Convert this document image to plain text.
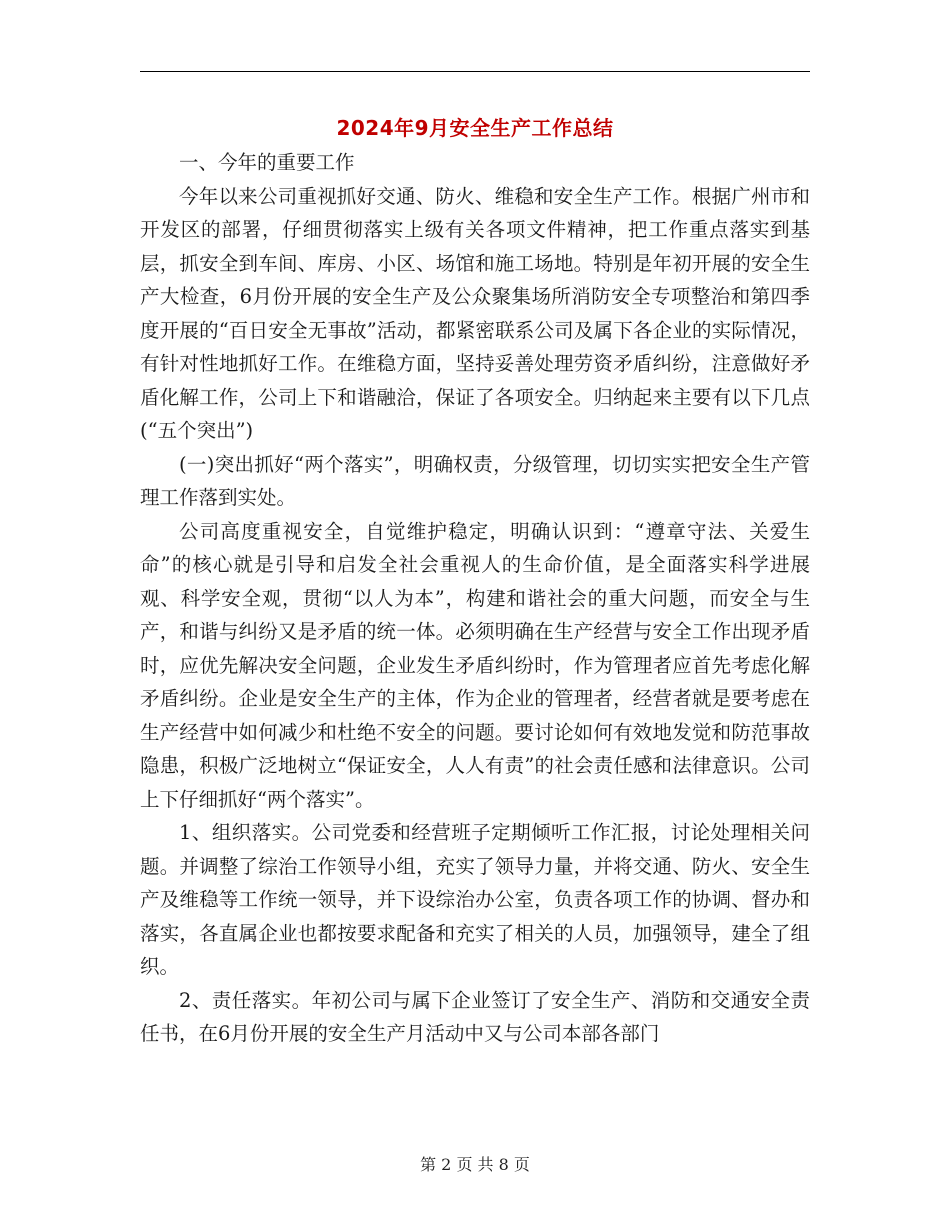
2024年9月安全生产工作总结

一、今年的重要工作

今年以来公司重视抓好交通、防火、维稳和安全生产工作。根据广州市和开发区的部署，仔细贯彻落实上级有关各项文件精神，把工作重点落实到基层，抓安全到车间、库房、小区、场馆和施工场地。特别是年初开展的安全生产大检查，6月份开展的安全生产及公众聚集场所消防安全专项整治和第四季度开展的“百日安全无事故”活动，都紧密联系公司及属下各企业的实际情况，有针对性地抓好工作。在维稳方面，坚持妥善处理劳资矛盾纠纷，注意做好矛盾化解工作，公司上下和谐融洽，保证了各项安全。归纳起来主要有以下几点(“五个突出”)

(一)突出抓好“两个落实”，明确权责，分级管理，切切实实把安全生产管理工作落到实处。

公司高度重视安全，自觉维护稳定，明确认识到：“遵章守法、关爱生命”的核心就是引导和启发全社会重视人的生命价值，是全面落实科学进展观、科学安全观，贯彻“以人为本”，构建和谐社会的重大问题，而安全与生产，和谐与纠纷又是矛盾的统一体。必须明确在生产经营与安全工作出现矛盾时，应优先解决安全问题，企业发生矛盾纠纷时，作为管理者应首先考虑化解矛盾纠纷。企业是安全生产的主体，作为企业的管理者，经营者就是要考虑在生产经营中如何减少和杜绝不安全的问题。要讨论如何有效地发觉和防范事故隐患，积极广泛地树立“保证安全，人人有责”的社会责任感和法律意识。公司上下仔细抓好“两个落实”。

1、组织落实。公司党委和经营班子定期倾听工作汇报，讨论处理相关问题。并调整了综治工作领导小组，充实了领导力量，并将交通、防火、安全生产及维稳等工作统一领导，并下设综治办公室，负责各项工作的协调、督办和落实，各直属企业也都按要求配备和充实了相关的人员，加强领导，建全了组织。

2、责任落实。年初公司与属下企业签订了安全生产、消防和交通安全责任书，在6月份开展的安全生产月活动中又与公司本部各部门

第 2 页 共 8 页
